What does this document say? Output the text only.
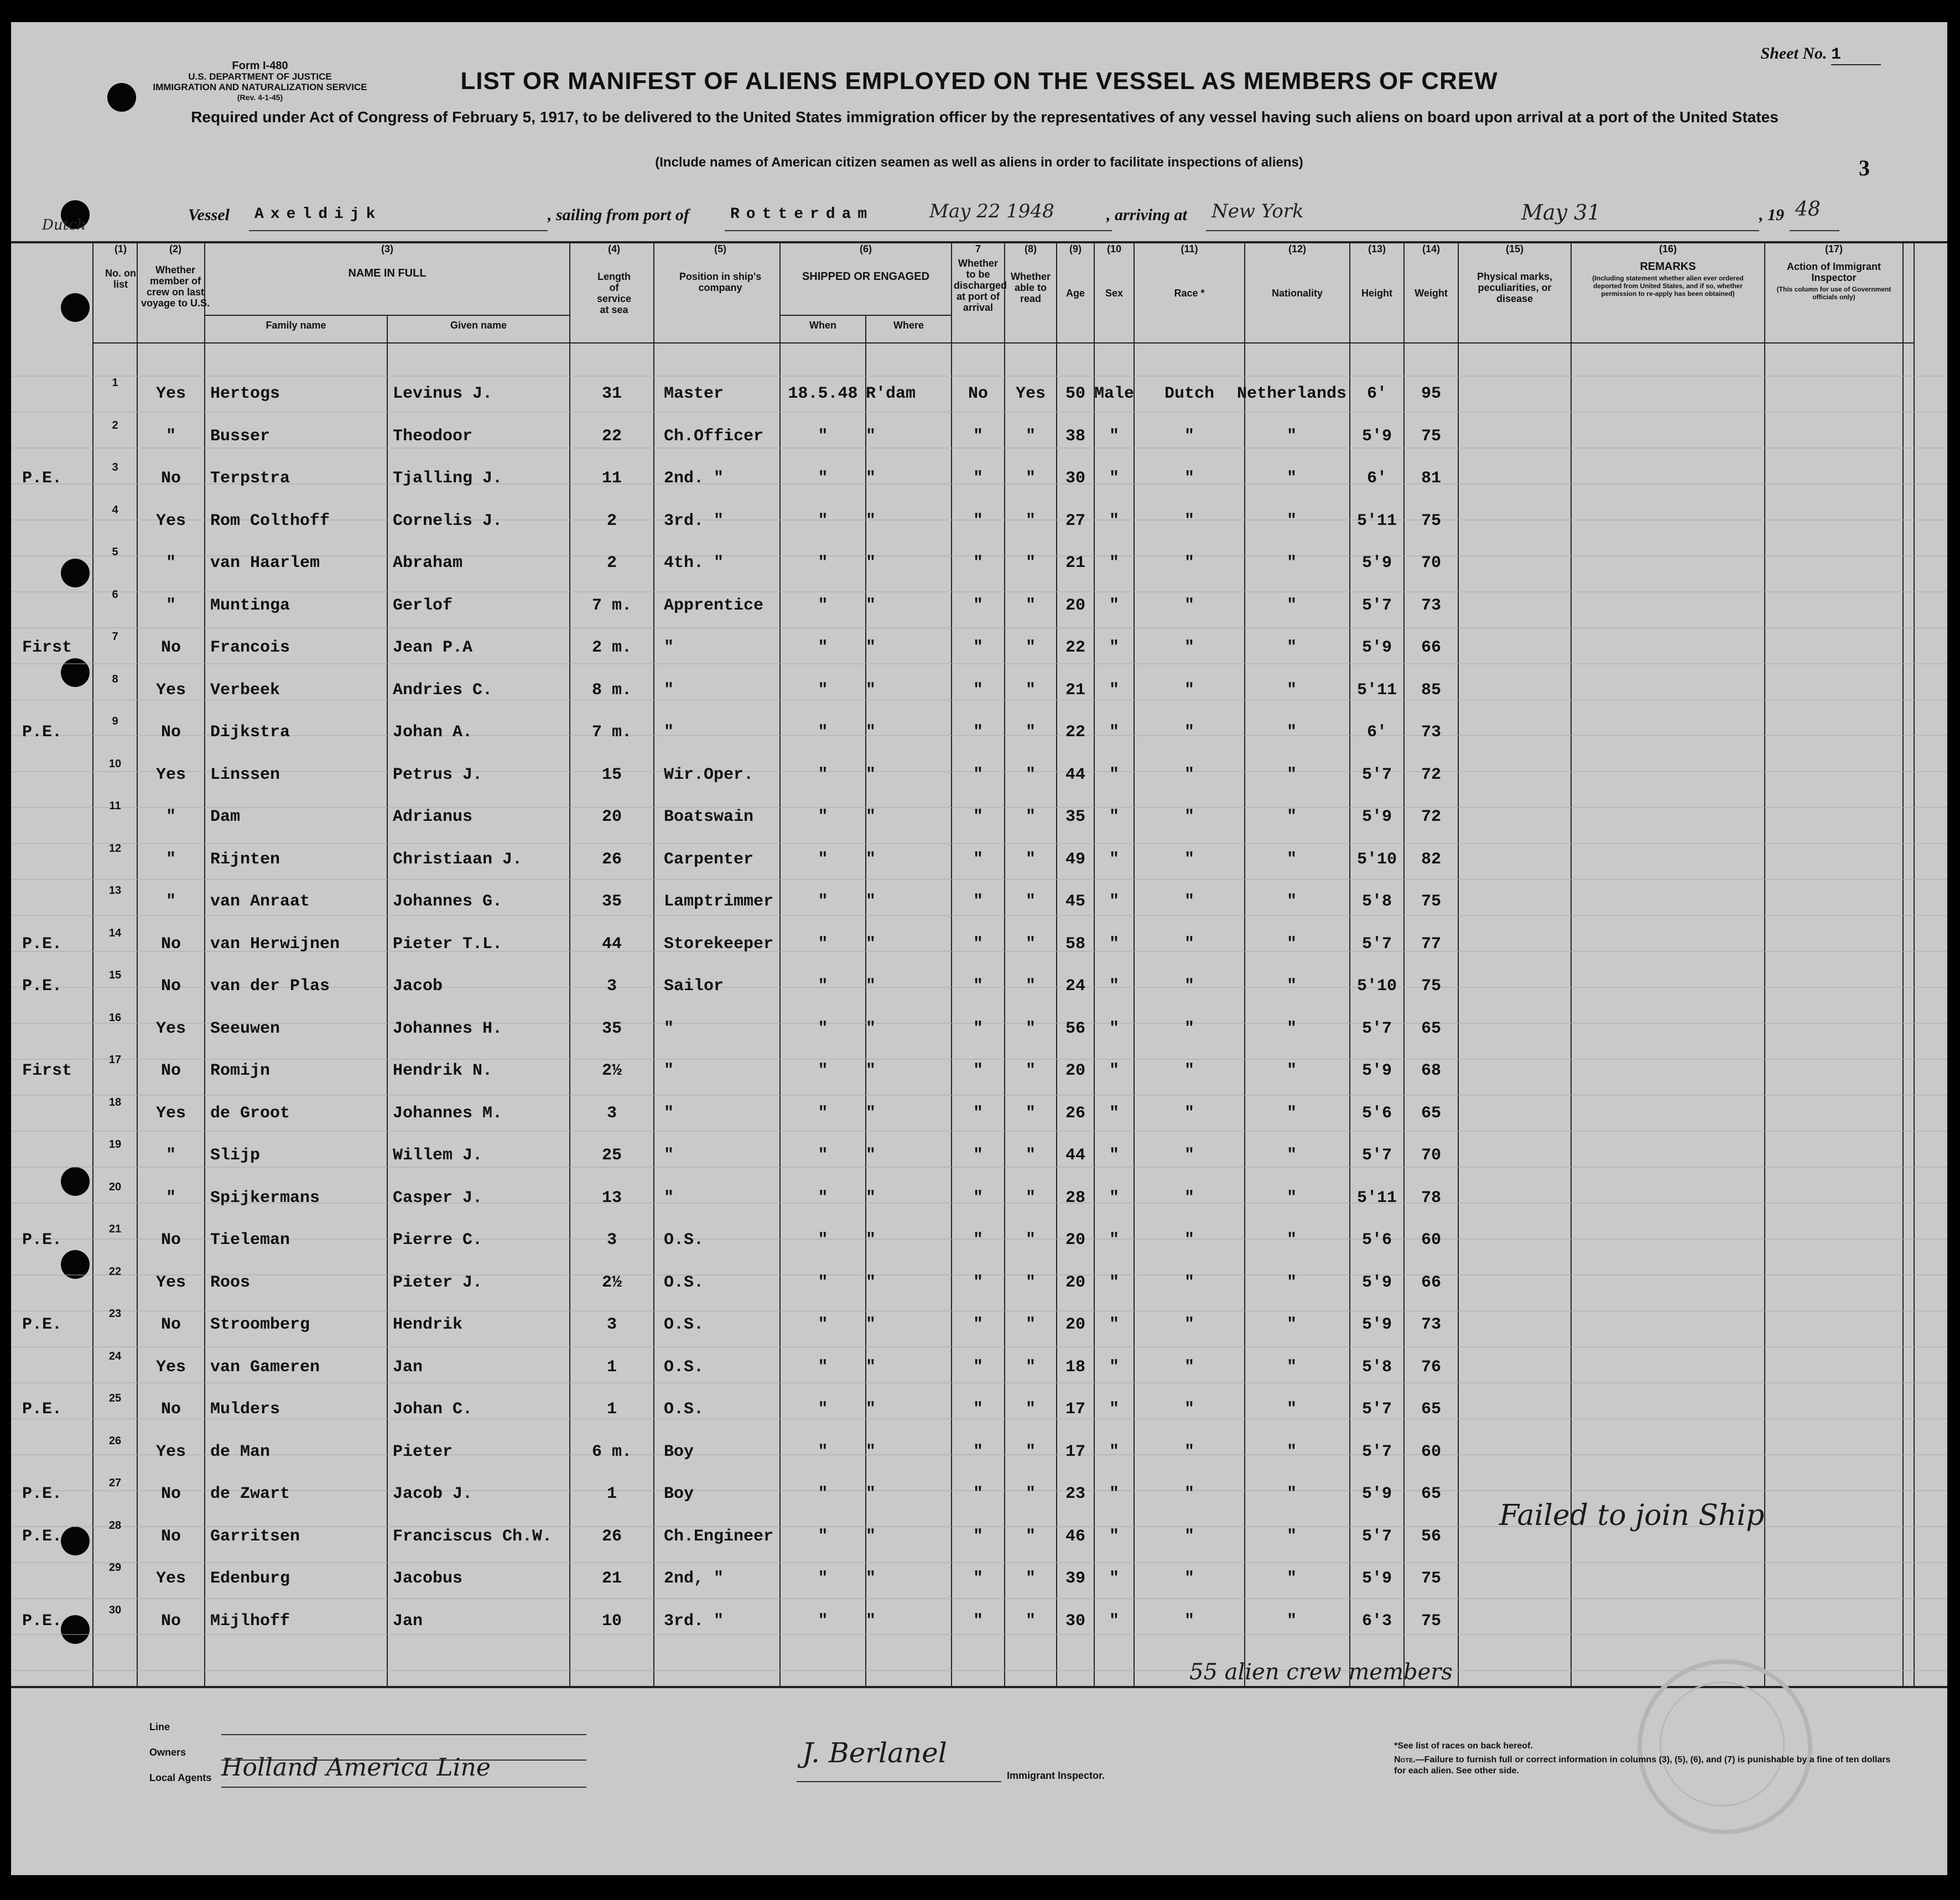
Form I-480
U.S. DEPARTMENT OF JUSTICE
IMMIGRATION AND NATURALIZATION SERVICE
(Rev. 4-1-45)
Sheet No. 1
LIST OR MANIFEST OF ALIENS EMPLOYED ON THE VESSEL AS MEMBERS OF CREW
Required under Act of Congress of February 5, 1917, to be delivered to the United States immigration officer by the representatives of any vessel having such aliens on board upon arrival at a port of the United States
(Include names of American citizen seamen as well as aliens in order to facilitate inspections of aliens)	3
Dutch
Vessel Axeldijk	, sailing from port of	Rotterdam	May 22 1948	, arriving at New York	May 31	, 19 48
(1)
No. on list
(2)
Whether member of crew on last voyage to U.S.
(3)
NAME IN FULL
Family name	Given name
(4)
Length of service at sea
(5)
Position in ship's company
(6)
SHIPPED OR ENGAGED
When	Where
7
Whether to be discharged at port of arrival
(8)
Whether able to read
(9)
Age
(10
Sex
(11)
Race *
(12)
Nationality
(13)
Height
(14)
Weight
(15)
Physical marks, peculiarities, or disease
(16)
REMARKS
(Including statement whether alien ever ordered deported from United States, and if so, whether permission to re-apply has been obtained)
(17)
Action of Immigrant Inspector
(This column for use of Government officials only)
1
Yes	Hertogs	Levinus J.	31	Master	18.5.48 R'dam	No	Yes	50 Male	Dutch	Netherlands	6'	95
2
"	Busser	Theodoor	22	Ch.Officer	"	"	"	"	38	"	"	"	5'9	75
P.E.
3
No	Terpstra	Tjalling J.	11	2nd. "	"	"	"	"	30	"	"	"	6'	81
4
Yes	Rom Colthoff	Cornelis J.	2	3rd. "	"	"	"	"	27	"	"	"	5'11	75
5
"	van Haarlem	Abraham	2	4th. "	"	"	"	"	21	"	"	"	5'9	70
6
"	Muntinga	Gerlof	7 m.	Apprentice	"	"	"	"	20	"	"	"	5'7	73
First
7
No	Francois	Jean P.A	2 m.	"	"	"	"	"	22	"	"	"	5'9	66
8
Yes	Verbeek	Andries C.	8 m.	"	"	"	"	"	21	"	"	"	5'11	85
P.E.
9
No	Dijkstra	Johan A.	7 m.	"	"	"	"	"	22	"	"	"	6'	73
10
Yes	Linssen	Petrus J.	15	Wir.Oper.	"	"	"	"	44	"	"	"	5'7	72
11
"	Dam	Adrianus	20	Boatswain	"	"	"	"	35	"	"	"	5'9	72
12
"	Rijnten	Christiaan J.	26	Carpenter	"	"	"	"	49	"	"	"	5'10	82
13
"	van Anraat	Johannes G.	35	Lamptrimmer	"	"	"	"	45	"	"	"	5'8	75
P.E.
14
No	van Herwijnen	Pieter T.L.	44	Storekeeper	"	"	"	"	58	"	"	"	5'7	77
P.E.
15
No	van der Plas	Jacob	3	Sailor	"	"	"	"	24	"	"	"	5'10	75
16
Yes	Seeuwen	Johannes H.	35	"	"	"	"	"	56	"	"	"	5'7	65
First
17
No	Romijn	Hendrik N.	2½	"	"	"	"	"	20	"	"	"	5'9	68
18
Yes	de Groot	Johannes M.	3	"	"	"	"	"	26	"	"	"	5'6	65
19
"	Slijp	Willem J.	25	"	"	"	"	"	44	"	"	"	5'7	70
20
"	Spijkermans	Casper J.	13	"	"	"	"	"	28	"	"	"	5'11	78
P.E.
21
No	Tieleman	Pierre C.	3	O.S.	"	"	"	"	20	"	"	"	5'6	60
22
Yes	Roos	Pieter J.	2½	O.S.	"	"	"	"	20	"	"	"	5'9	66
P.E.
23
No	Stroomberg	Hendrik	3	O.S.	"	"	"	"	20	"	"	"	5'9	73
24
Yes	van Gameren	Jan	1	O.S.	"	"	"	"	18	"	"	"	5'8	76
P.E.
25
No	Mulders	Johan C.	1	O.S.	"	"	"	"	17	"	"	"	5'7	65
26
Yes	de Man	Pieter	6 m.	Boy	"	"	"	"	17	"	"	"	5'7	60
P.E.
27
No	de Zwart	Jacob J.	1	Boy	"	"	"	"	23	"	"	"	5'9	65
P.E.
28
No	Garritsen	Franciscus Ch.W.	26	Ch.Engineer	"	"	"	"	46	"	"	"	5'7	56
29
Yes	Edenburg	Jacobus	21	2nd, "	"	"	"	"	39	"	"	"	5'9	75
P.E.
30
No	Mijlhoff	Jan	10	3rd. "	"	"	"	"	30	"	"	"	6'3	75
Failed to join Ship
55 alien crew members
Line
Owners
Local Agents Holland America Line	J. Berlanel
Immigrant Inspector.
*See list of races on back hereof.
Note.—Failure to furnish full or correct information in columns (3), (5), (6), and (7) is punishable by a fine of ten dollars for each alien. See other side.
